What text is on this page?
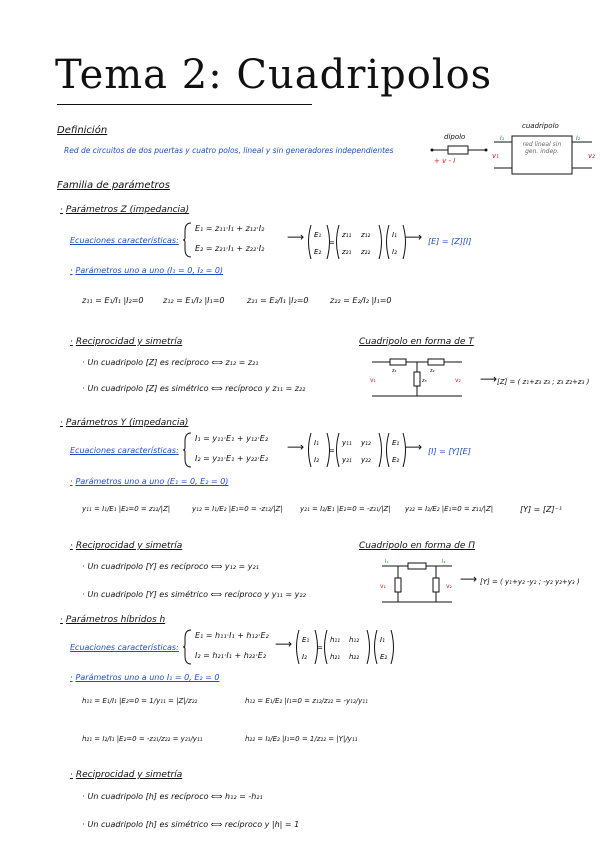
Tema 2: Cuadripolos
Definición
Red de circuitos de dos puertas y cuatro polos, lineal y sin generadores independientes
dipolo
+ v - I
cuadripolo
v₁	v₂
I₁	I₂
red lineal sin gen. indep.
Familia de parámetros
· Parámetros Z (impedancia)
Ecuaciones características:
E₁ = z₁₁·I₁ + z₁₂·I₂
E₂ = z₂₁·I₁ + z₂₂·I₂
⟶ E₁
E₂
=
z₁₁ z₁₂
z₂₁ z₂₂
I₁
I₂
⟶ [E] = [Z][I]
· Parámetros uno a uno (I₁ = 0, I₂ = 0)
z₁₁ = E₁/I₁ |I₂=0 z₁₂ = E₁/I₂ |I₁=0	z₂₁ = E₂/I₁ |I₂=0	z₂₂ = E₂/I₂ |I₁=0
· Reciprocidad y simetría
· Un cuadripolo [Z] es recíproco ⟺ z₁₂ = z₂₁
· Un cuadripolo [Z] es simétrico ⟺ recíproco y z₁₁ = z₂₂
Cuadripolo en forma de T
z₁	z₂
z₃
v₁	v₂ ⟶ [Z] = ( z₁+z₃ z₃ ; z₃ z₂+z₃ )
· Parámetros Y (impedancia)
Ecuaciones características:
I₁ = y₁₁·E₁ + y₁₂·E₂
I₂ = y₂₁·E₁ + y₂₂·E₂
⟶ I₁
I₂
=
y₁₁ y₁₂
y₂₁ y₂₂
E₁
E₂
⟶ [I] = [Y][E]
· Parámetros uno a uno (E₁ = 0, E₂ = 0)
y₁₁ = I₁/E₁ |E₂=0 = z₂₂/|Z|	y₁₂ = I₁/E₂ |E₁=0 = -z₁₂/|Z| y₂₁ = I₂/E₁ |E₂=0 = -z₂₁/|Z| y₂₂ = I₂/E₂ |E₁=0 = z₁₁/|Z|	[Y] = [Z]⁻¹
· Reciprocidad y simetría
· Un cuadripolo [Y] es recíproco ⟺ y₁₂ = y₂₁
· Un cuadripolo [Y] es simétrico ⟺ recíproco y y₁₁ = y₂₂
Cuadripolo en forma de Π
v₁	v₂
I₁	I₂
⟶ [Y] = ( y₁+y₂ -y₂ ; -y₂ y₂+y₃ )
· Parámetros híbridos h
Ecuaciones características:
E₁ = h₁₁·I₁ + h₁₂·E₂
I₂ = h₂₁·I₁ + h₂₂·E₂
⟶ E₁
I₂
=
h₁₁ h₁₂
h₂₁ h₂₂
I₁
E₂
· Parámetros uno a uno I₁ = 0, E₂ = 0
h₁₁ = E₁/I₁ |E₂=0 = 1/y₁₁ = |Z|/z₂₂	h₁₂ = E₁/E₂ |I₁=0 = z₁₂/z₂₂ = -y₁₂/y₁₁
h₂₁ = I₂/I₁ |E₂=0 = -z₂₁/z₂₂ = y₂₁/y₁₁	h₂₂ = I₂/E₂ |I₁=0 = 1/z₂₂ = |Y|/y₁₁
· Reciprocidad y simetría
· Un cuadripolo [h] es recíproco ⟺ h₁₂ = -h₂₁
· Un cuadripolo [h] es simétrico ⟺ recíproco y |h| = 1
